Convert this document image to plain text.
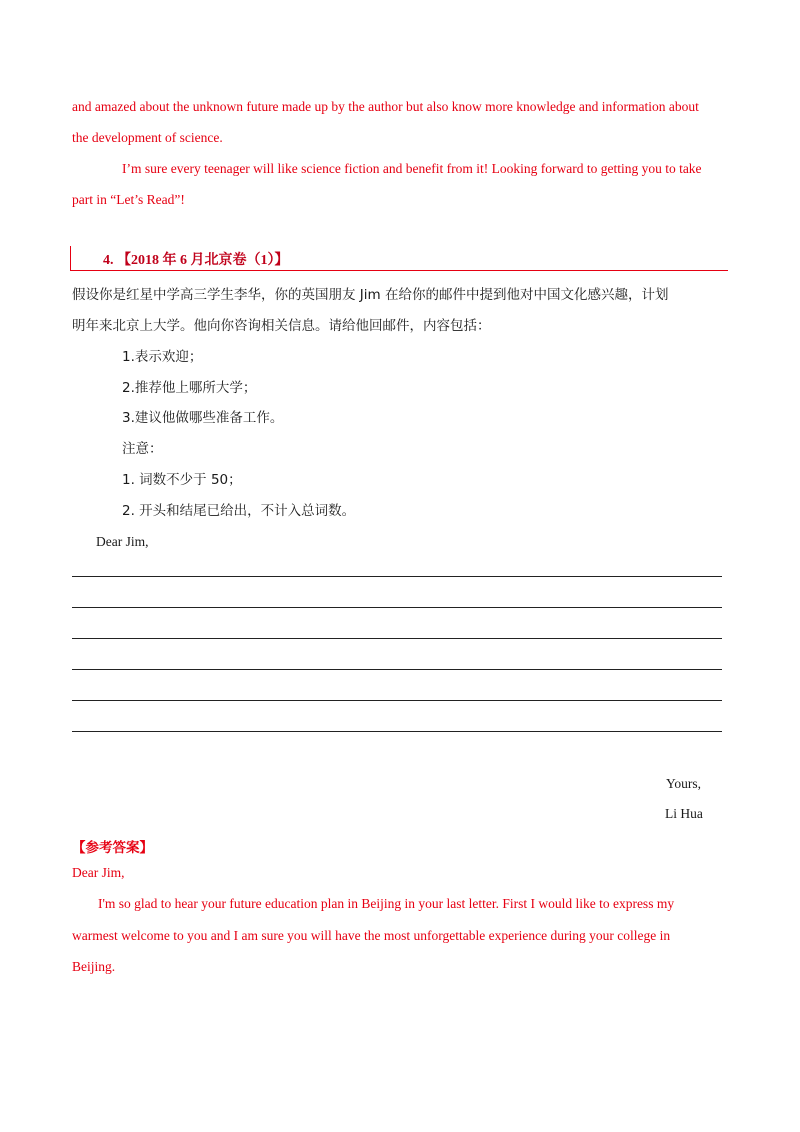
and amazed about the unknown future made up by the author but also know more knowledge and information about
the development of science.
I’m sure every teenager will like science fiction and benefit from it! Looking forward to getting you to take
part in “Let’s Read”!
4. 【2018 年 6 月北京卷（1）】
假设你是红星中学高三学生李华，你的英国朋友 Jim 在给你的邮件中提到他对中国文化感兴趣，计划
明年来北京上大学。他向你咨询相关信息。请给他回邮件，内容包括：
1.表示欢迎；
2.推荐他上哪所大学；
3.建议他做哪些准备工作。
注意：
1. 词数不少于 50；
2. 开头和结尾已给出，不计入总词数。
Dear Jim,
Yours,
Li Hua
【参考答案】
Dear Jim,
I'm so glad to hear your future education plan in Beijing in your last letter. First I would like to express my
warmest welcome to you and I am sure you will have the most unforgettable experience during your college in
Beijing.
